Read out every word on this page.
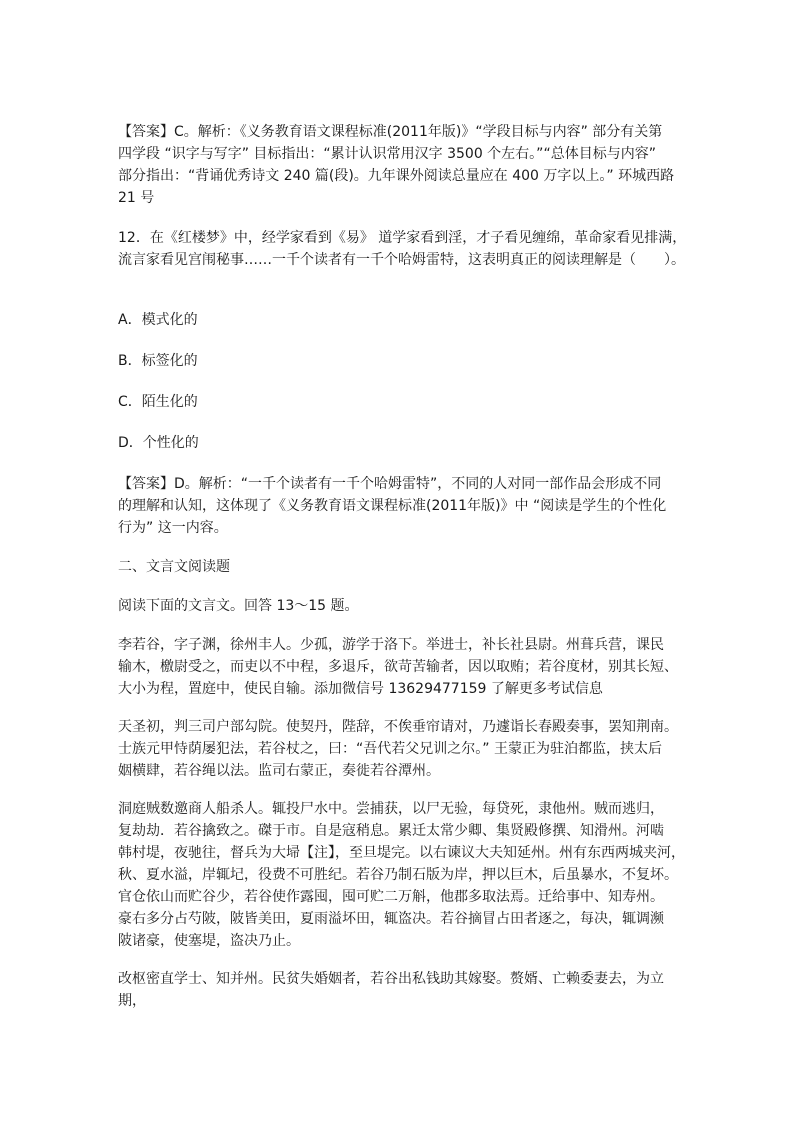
【答案】C。解析：《义务教育语文课程标准(2011年版)》“学段目标与内容” 部分有关第
四学段 “识字与写字” 目标指出：“累计认识常用汉字 3500 个左右。”“总体目标与内容”
部分指出：“背诵优秀诗文 240 篇(段)。九年课外阅读总量应在 400 万字以上。” 环城西路
21 号

12．在《红楼梦》中，经学家看到《易》 道学家看到淫，才子看见缠绵，革命家看见排满，
流言家看见宫闱秘事……一千个读者有一千个哈姆雷特，这表明真正的阅读理解是（　　）。

A．模式化的

B．标签化的

C．陌生化的

D．个性化的

【答案】D。解析：“一千个读者有一千个哈姆雷特”，不同的人对同一部作品会形成不同
的理解和认知，这体现了《义务教育语文课程标准(2011年版)》中 “阅读是学生的个性化
行为” 这一内容。

二、文言文阅读题

阅读下面的文言文。回答 13～15 题。

李若谷，字子渊，徐州丰人。少孤，游学于洛下。举进士，补长社县尉。州葺兵营，课民
输木，檄尉受之，而吏以不中程，多退斥，欲苛苦输者，因以取贿；若谷度材，别其长短、
大小为程，置庭中，使民自输。添加微信号 13629477159 了解更多考试信息

天圣初，判三司户部勾院。使契丹，陛辞，不俟垂帘请对，乃遽诣长春殿奏事，罢知荆南。
士族元甲恃荫屡犯法，若谷杖之，曰：“吾代若父兄训之尔。” 王蒙正为驻泊都监，挟太后
姻横肆，若谷绳以法。监司右蒙正，奏徙若谷潭州。

洞庭贼数邀商人船杀人。辄投尸水中。尝捕获，以尸无验，每贷死，隶他州。贼而逃归，
复劫劫．若谷擒致之。磔于市。自是寇稍息。累迁太常少卿、集贤殿修撰、知滑州。河啮
韩村堤，夜驰往，督兵为大埽【注】，至旦堤完。以右谏议大夫知延州。州有东西两城夹河，
秋、夏水溢，岸辄圮，役费不可胜纪。若谷乃制石版为岸，押以巨木，后虽暴水，不复坏。
官仓依山而贮谷少，若谷使作露囤，囤可贮二万斛，他郡多取法焉。迁给事中、知寿州。
豪右多分占芍陂，陂皆美田，夏雨溢坏田，辄盗决。若谷摘冒占田者逐之，每决，辄调濒
陂诸豪，使塞堤，盗决乃止。

改枢密直学士、知并州。民贫失婚姻者，若谷出私钱助其嫁娶。赘婿、亡赖委妻去，为立
期，
